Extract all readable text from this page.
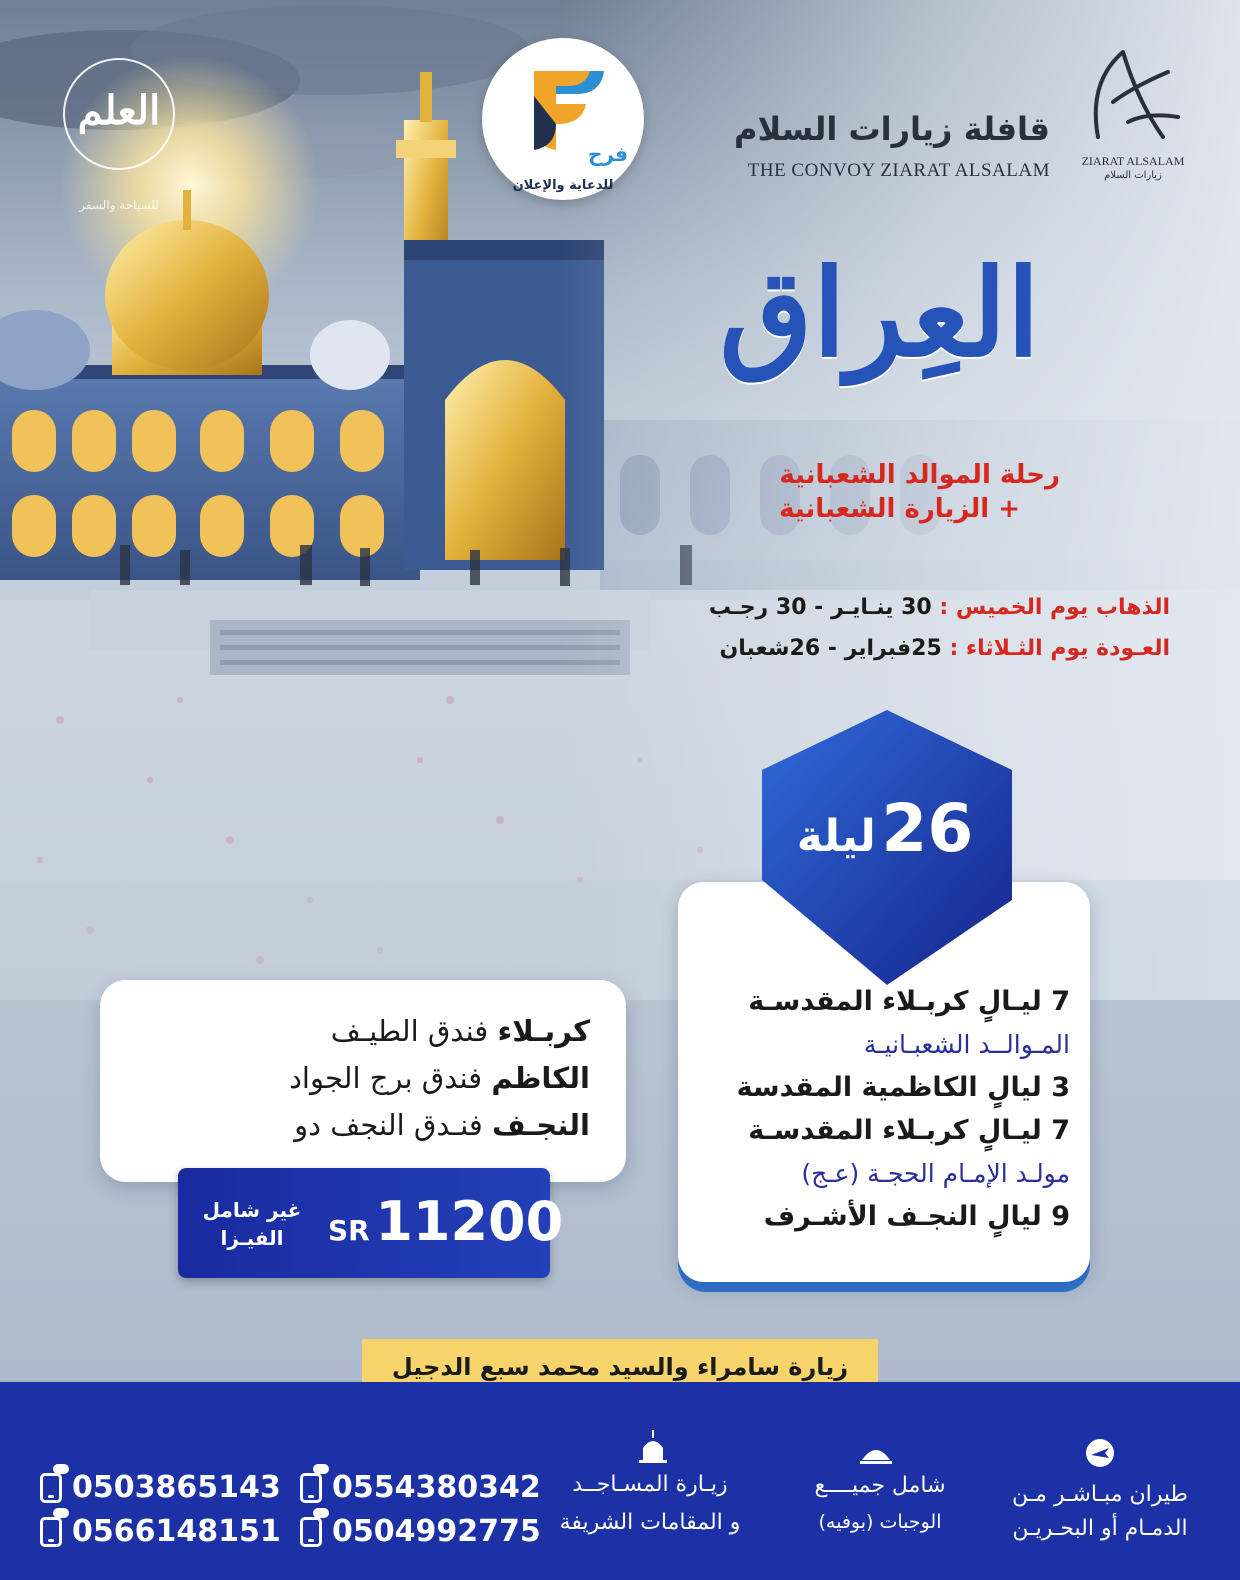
العلم
للسياحة والسفر
فرح
للدعاية والإعلان
قافلة زيارات السلام
THE CONVOY ZIARAT ALSALAM	ZIARAT ALSALAM
زيارات السلام
العِراق
رحلة الموالد الشعبانية
+ الزيارة الشعبانية
الذهاب يوم الخميس : 30 ينـايـر - 30 رجـب
العـودة يوم الثـلاثاء : 25فبراير - 26شعبان
26 ليلة
7 ليـالٍ كربـلاء المقدسـة
المـوالــد الشعبـانيـة
3 ليالٍ الكاظمية المقدسة
7 ليـالٍ كربـلاء المقدسـة
مولـد الإمـام الحجـة (عـج)
9 ليالٍ النجـف الأشـرف
كربـلاء فندق الطيـف
الكاظم فندق برج الجواد
النجـف فنـدق النجف دو
SR 11200
غير شامل
الفيـزا
زيارة سامراء والسيد محمد سبع الدجيل
طيران مبـاشـر مـن
الدمـام أو البحـريـن
شامل جميــــع
الوجبات (بوفيه)
زيـارة المسـاجــد
و المقامات الشريفة
0554380342
0503865143
0504992775
0566148151
